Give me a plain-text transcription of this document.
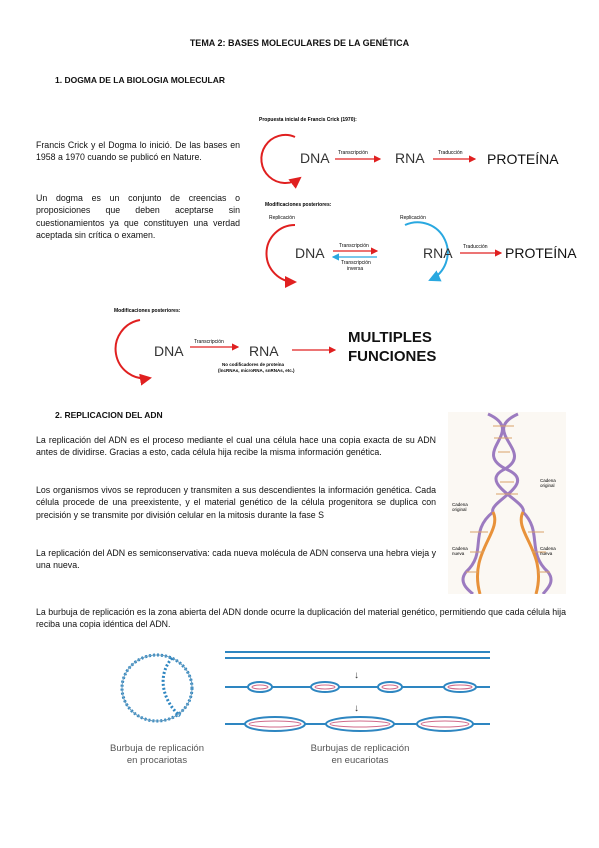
TEMA 2: BASES MOLECULARES DE LA GENÉTICA
1. DOGMA DE LA BIOLOGIA MOLECULAR
Francis Crick y el Dogma lo inició. De las bases en 1958 a 1970 cuando se publicó en Nature.
Un dogma es un conjunto de creencias o proposiciones que deben aceptarse sin cuestionamientos ya que constituyen una verdad aceptada sin crítica o examen.
Propuesta inicial de Francis Crick (1970):
DNA Transcripción RNA	Traducción PROTEÍNA
Modificaciones posteriores:
Replicación
DNA	Transcripción
Transcripción
inversa
Replicación
RNA Traducción PROTEÍNA
Modificaciones posteriores:
DNA
Transcripción
RNA
No codificadores de proteína
(lncRNAs, microRNA, snRNAs, etc.)
MULTIPLES
FUNCIONES
2. REPLICACION DEL ADN
La replicación del ADN es el proceso mediante el cual una célula hace una copia exacta de su ADN antes de dividirse. Gracias a esto, cada célula hija recibe la misma información genética.
Los organismos vivos se reproducen y transmiten a sus descendientes la información genética. Cada célula procede de una preexistente, y el material genético de la célula progenitora se duplica con precisión y se transmite por división celular en la mitosis durante la fase S
La replicación del ADN es semiconservativa: cada nueva molécula de ADN conserva una hebra vieja y una nueva.
La burbuja de replicación es la zona abierta del ADN donde ocurre la duplicación del material genético, permitiendo que cada célula hija reciba una copia idéntica del ADN.
Cadena
original
Cadena
original
Cadena
nueva
Cadena
nueva
↓
↓
Burbuja de replicación
en procariotas
Burbujas de replicación
en eucariotas
